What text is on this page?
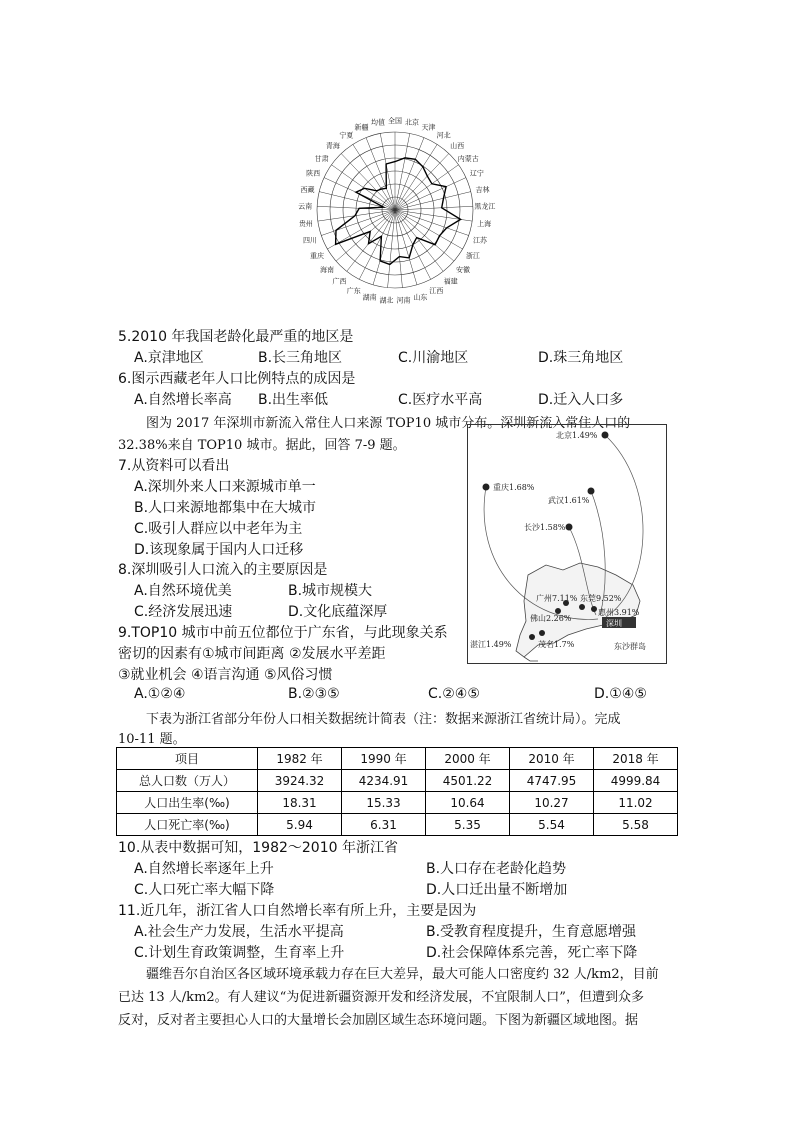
全国 北京
天津
河北
山西
内蒙古
辽宁
吉林
黑龙江
上海
江苏
浙江
安徽
福建
江西
山东
河南
湖北
湖南
广东
广西
海南
重庆
四川
贵州
云南
西藏
陕西
甘肃
青海
宁夏
新疆
均值
5.2010 年我国老龄化最严重的地区是
A.京津地区	B.长三角地区	C.川渝地区	D.珠三角地区
6.图示西藏老年人口比例特点的成因是
A.自然增长率高 B.出生率低	C.医疗水平高	D.迁入人口多
图为 2017 年深圳市新流入常住人口来源 TOP10 城市分布。深圳新流入常住人口的
32.38%来自 TOP10 城市。据此，回答 7-9 题。
北京1.49%
重庆1.68%
武汉1.61%
长沙1.58%
广州7.11% 东莞9.52%
惠州3.91%
佛山2.26%
湛江1.49%	茂名1.7%
深圳
东沙群岛
7.从资料可以看出
A.深圳外来人口来源城市单一
B.人口来源地都集中在大城市
C.吸引人群应以中老年为主
D.该现象属于国内人口迁移
8.深圳吸引人口流入的主要原因是
A.自然环境优美	B.城市规模大
C.经济发展迅速	D.文化底蕴深厚
9.TOP10 城市中前五位都位于广东省，与此现象关系
密切的因素有①城市间距离 ②发展水平差距
③就业机会 ④语言沟通 ⑤风俗习惯
A.①②④	B.②③⑤	C.②④⑤	D.①④⑤
下表为浙江省部分年份人口相关数据统计简表（注：数据来源浙江省统计局）。完成
10-11 题。
项目	1982 年	1990 年	2000 年	2010 年	2018 年
总人口数（万人）	3924.32	4234.91	4501.22	4747.95	4999.84
人口出生率(‰)	18.31	15.33	10.64	10.27	11.02
人口死亡率(‰)	5.94	6.31	5.35	5.54	5.58
10.从表中数据可知，1982～2010 年浙江省
A.自然增长率逐年上升	B.人口存在老龄化趋势
C.人口死亡率大幅下降	D.人口迁出量不断增加
11.近几年，浙江省人口自然增长率有所上升，主要是因为
A.社会生产力发展，生活水平提高	B.受教育程度提升，生育意愿增强
C.计划生育政策调整，生育率上升	D.社会保障体系完善，死亡率下降
疆维吾尔自治区各区域环境承载力存在巨大差异，最大可能人口密度约 32 人/km2，目前
已达 13 人/km2。有人建议“为促进新疆资源开发和经济发展，不宜限制人口”，但遭到众多
反对，反对者主要担心人口的大量增长会加剧区域生态环境问题。下图为新疆区域地图。据
